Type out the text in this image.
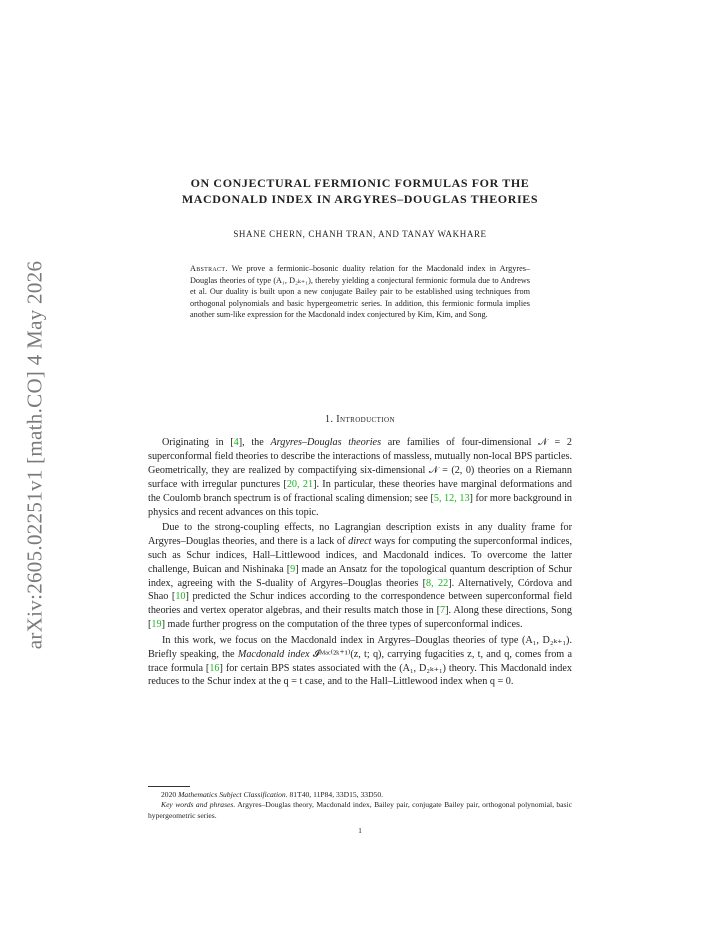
arXiv:2605.02251v1 [math.CO] 4 May 2026
ON CONJECTURAL FERMIONIC FORMULAS FOR THE
MACDONALD INDEX IN ARGYRES–DOUGLAS THEORIES
SHANE CHERN, CHANH TRAN, AND TANAY WAKHARE
Abstract. We prove a fermionic–bosonic duality relation for the Macdonald index in Argyres–Douglas theories of type (A₁, D₂ₖ₊₁), thereby yielding a conjectural fermionic formula due to Andrews et al. Our duality is built upon a new conjugate Bailey pair to be established using techniques from orthogonal polynomials and basic hypergeometric series. In addition, this fermionic formula implies another sum-like expression for the Macdonald index conjectured by Kim, Kim, and Song.
1. Introduction

Originating in [4], the Argyres–Douglas theories are families of four-dimensional 𝒩 = 2 superconformal field theories to describe the interactions of massless, mutually non-local BPS particles. Geometrically, they are realized by compactifying six-dimensional 𝒩 = (2, 0) theories on a Riemann surface with irregular punctures [20, 21]. In particular, these theories have marginal deformations and the Coulomb branch spectrum is of fractional scaling dimension; see [5, 12, 13] for more background in physics and recent advances on this topic.

Due to the strong-coupling effects, no Lagrangian description exists in any duality frame for Argyres–Douglas theories, and there is a lack of direct ways for computing the superconformal indices, such as Schur indices, Hall–Littlewood indices, and Macdonald indices. To overcome the latter challenge, Buican and Nishinaka [9] made an Ansatz for the topological quantum description of Schur index, agreeing with the S-duality of Argyres–Douglas theories [8, 22]. Alternatively, Córdova and Shao [10] predicted the Schur indices according to the correspondence between superconformal field theories and vertex operator algebras, and their results match those in [7]. Along these directions, Song [19] made further progress on the computation of the three types of superconformal indices.

In this work, we focus on the Macdonald index in Argyres–Douglas theories of type (A₁, D₂ₖ₊₁). Briefly speaking, the Macdonald index 𝓘ᴹᵃᶜ⁽²ᵏ⁺¹⁾(z, t; q), carrying fugacities z, t, and q, comes from a trace formula [16] for certain BPS states associated with the (A₁, D₂ₖ₊₁) theory. This Macdonald index reduces to the Schur index at the q = t case, and to the Hall–Littlewood index when q = 0.

2020 Mathematics Subject Classification. 81T40, 11P84, 33D15, 33D50.

Key words and phrases. Argyres–Douglas theory, Macdonald index, Bailey pair, conjugate Bailey pair, orthogonal polynomial, basic hypergeometric series.

1
